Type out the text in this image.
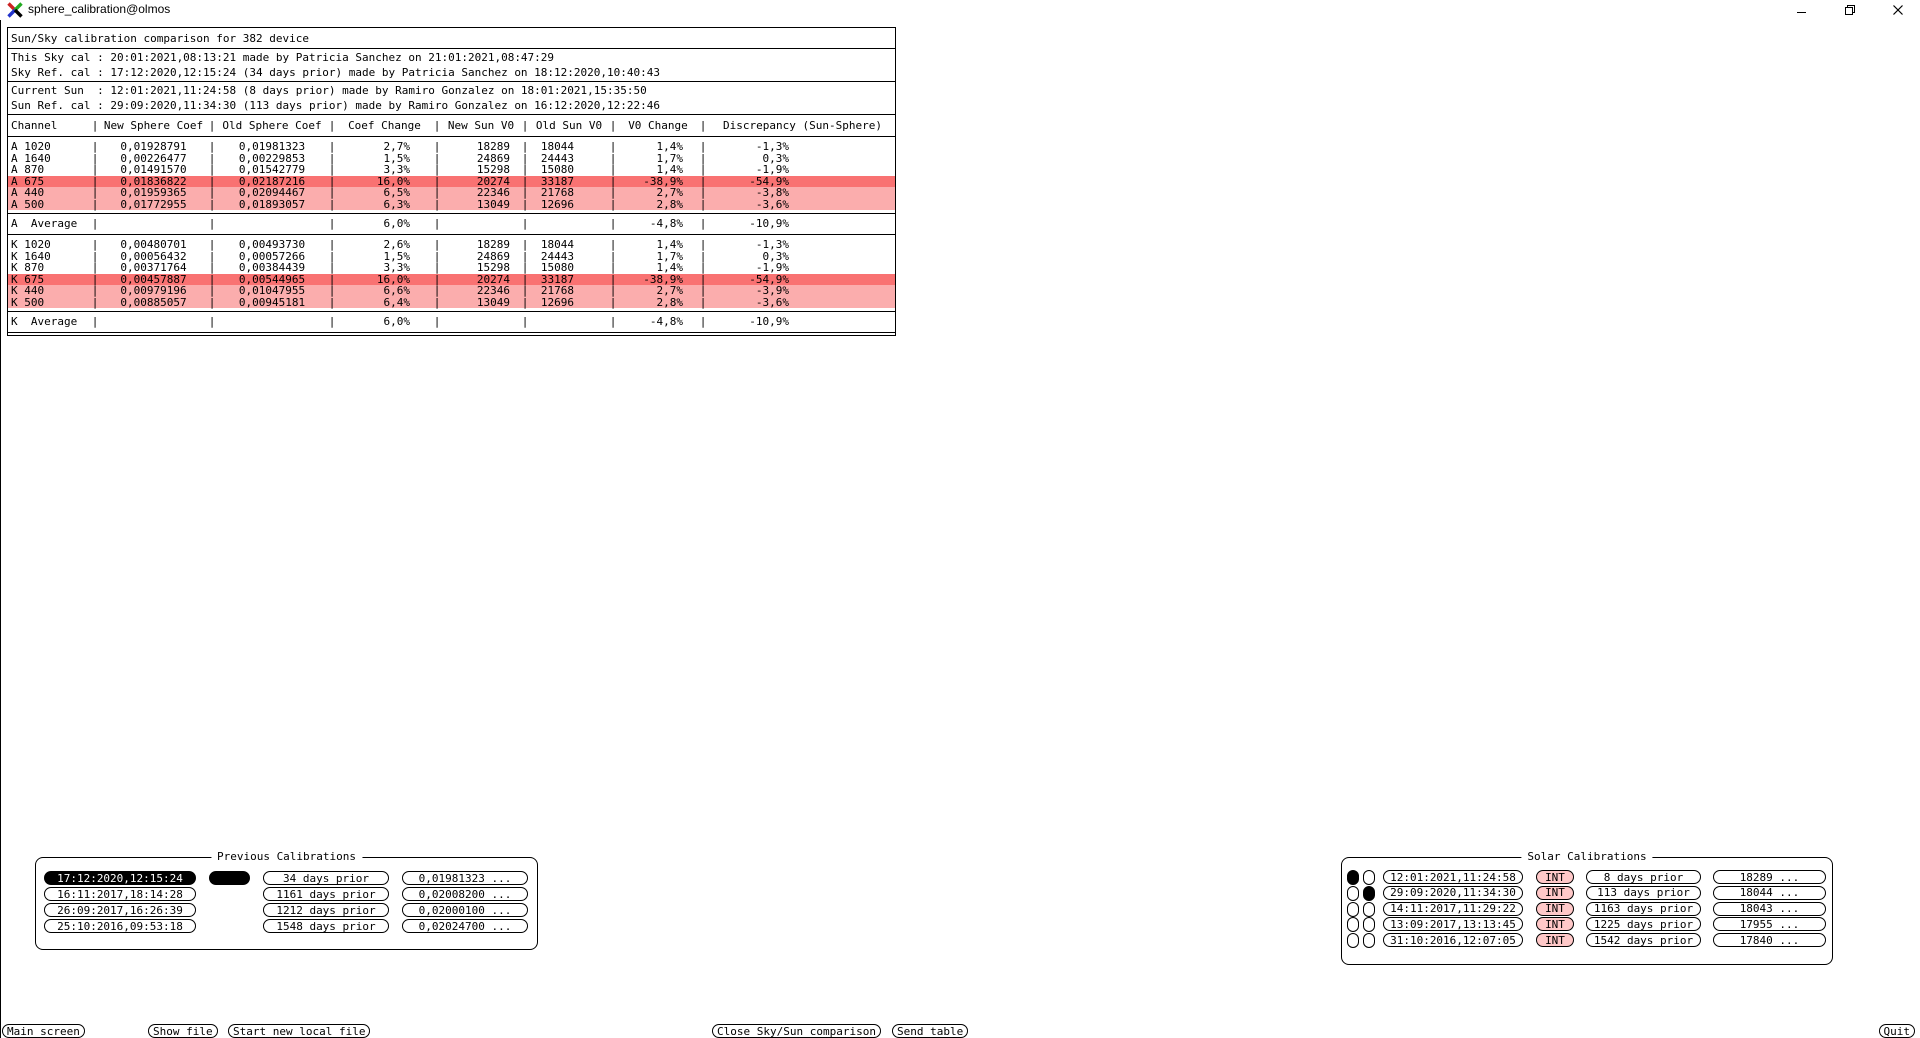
sphere_calibration@olmos
Sun/Sky calibration comparison for 382 device
This Sky cal : 20:01:2021,08:13:21 made by Patricia Sanchez on 21:01:2021,08:47:29
Sky Ref. cal : 17:12:2020,12:15:24 (34 days prior) made by Patricia Sanchez on 18:12:2020,10:40:43
Current Sun  : 12:01:2021,11:24:58 (8 days prior) made by Ramiro Gonzalez on 18:01:2021,15:35:50
Sun Ref. cal : 29:09:2020,11:34:30 (113 days prior) made by Ramiro Gonzalez on 16:12:2020,12:22:46
Channel	| New Sphere Coef | Old Sphere Coef |	Coef Change	| New Sun V0 | Old Sun V0 |	V0 Change	|	Discrepancy (Sun-Sphere)
A 1020	|	0,01928791	|	0,01981323	|	2,7%	|	18289	|	18044	|	1,4%	|	-1,3%
A 1640	|	0,00226477	|	0,00229853	|	1,5%	|	24869	|	24443	|	1,7%	|	0,3%
A 870	|	0,01491570	|	0,01542779	|	3,3%	|	15298	|	15080	|	1,4%	|	-1,9%
A 675	|	0,01836822	|	0,02187216	|	16,0%	|	20274	|	33187	|	-38,9%	|	-54,9%
A 440	|	0,01959365	|	0,02094467	|	6,5%	|	22346	|	21768	|	2,7%	|	-3,8%
A 500	|	0,01772955	|	0,01893057	|	6,3%	|	13049	|	12696	|	2,8%	|	-3,6%
A  Average	|	|	|	6,0%	|	|	|	-4,8%	|	-10,9%
K 1020	|	0,00480701	|	0,00493730	|	2,6%	|	18289	|	18044	|	1,4%	|	-1,3%
K 1640	|	0,00056432	|	0,00057266	|	1,5%	|	24869	|	24443	|	1,7%	|	0,3%
K 870	|	0,00371764	|	0,00384439	|	3,3%	|	15298	|	15080	|	1,4%	|	-1,9%
K 675	|	0,00457887	|	0,00544965	|	16,0%	|	20274	|	33187	|	-38,9%	|	-54,9%
K 440	|	0,00979196	|	0,01047955	|	6,6%	|	22346	|	21768	|	2,7%	|	-3,9%
K 500	|	0,00885057	|	0,00945181	|	6,4%	|	13049	|	12696	|	2,8%	|	-3,6%
K  Average	|	|	|	6,0%	|	|	|	-4,8%	|	-10,9%
Previous Calibrations
17:12:2020,12:15:24	34 days prior	0,01981323 ...
16:11:2017,18:14:28	1161 days prior	0,02008200 ...
26:09:2017,16:26:39	1212 days prior	0,02000100 ...
25:10:2016,09:53:18	1548 days prior	0,02024700 ...
Solar Calibrations
12:01:2021,11:24:58	INT	8 days prior	18289 ...
29:09:2020,11:34:30	INT	113 days prior	18044 ...
14:11:2017,11:29:22	INT	1163 days prior	18043 ...
13:09:2017,13:13:45	INT	1225 days prior	17955 ...
31:10:2016,12:07:05	INT	1542 days prior	17840 ...
Main screen	Show file	Start new local file	Close Sky/Sun comparison	Send table	Quit
